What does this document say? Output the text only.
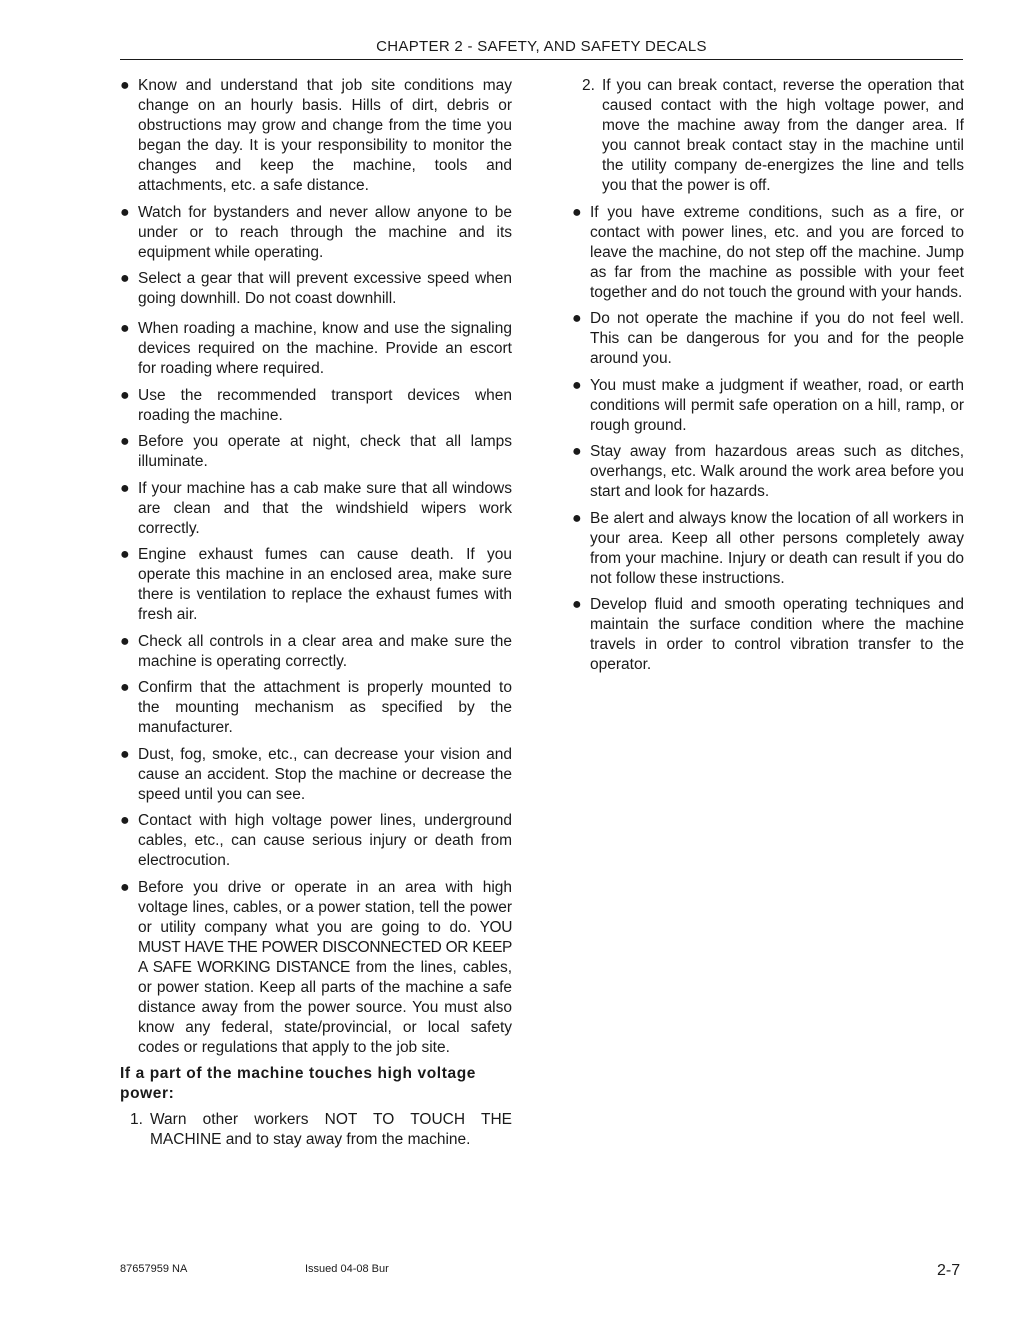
CHAPTER 2 - SAFETY, AND SAFETY DECALS
● Know and understand that job site conditions may change on an hourly basis. Hills of dirt, debris or obstructions may grow and change from the time you began the day. It is your responsibility to monitor the changes and keep the machine, tools and attachments, etc. a safe distance.
● Watch for bystanders and never allow anyone to be under or to reach through the machine and its equipment while operating.
● Select a gear that will prevent excessive speed when going downhill. Do not coast downhill.
● When roading a machine, know and use the signaling devices required on the machine. Provide an escort for roading where required.
● Use the recommended transport devices when roading the machine.
● Before you operate at night, check that all lamps illuminate.
● If your machine has a cab make sure that all windows are clean and that the windshield wipers work correctly.
● Engine exhaust fumes can cause death. If you operate this machine in an enclosed area, make sure there is ventilation to replace the exhaust fumes with fresh air.
● Check all controls in a clear area and make sure the machine is operating correctly.
● Confirm that the attachment is properly mounted to the mounting mechanism as specified by the manufacturer.
● Dust, fog, smoke, etc., can decrease your vision and cause an accident. Stop the machine or decrease the speed until you can see.
● Contact with high voltage power lines, underground cables, etc., can cause serious injury or death from electrocution.
● Before you drive or operate in an area with high voltage lines, cables, or a power station, tell the power or utility company what you are going to do. YOU MUST HAVE THE POWER DISCONNECTED OR KEEP A SAFE WORKING DISTANCE from the lines, cables, or power station. Keep all parts of the machine a safe distance away from the power source. You must also know any federal, state/provincial, or local safety codes or regulations that apply to the job site.
If a part of the machine touches high voltage power:
1. Warn other workers NOT TO TOUCH THE MACHINE and to stay away from the machine.
2. If you can break contact, reverse the operation that caused contact with the high voltage power, and move the machine away from the danger area. If you cannot break contact stay in the machine until the utility company de-energizes the line and tells you that the power is off.
● If you have extreme conditions, such as a fire, or contact with power lines, etc. and you are forced to leave the machine, do not step off the machine. Jump as far from the machine as possible with your feet together and do not touch the ground with your hands.
● Do not operate the machine if you do not feel well. This can be dangerous for you and for the people around you.
● You must make a judgment if weather, road, or earth conditions will permit safe operation on a hill, ramp, or rough ground.
● Stay away from hazardous areas such as ditches, overhangs, etc. Walk around the work area before you start and look for hazards.
● Be alert and always know the location of all workers in your area. Keep all other persons completely away from your machine. Injury or death can result if you do not follow these instructions.
● Develop fluid and smooth operating techniques and maintain the surface condition where the machine travels in order to control vibration transfer to the operator.
87657959 NA	Issued 04-08 Bur	2-7
